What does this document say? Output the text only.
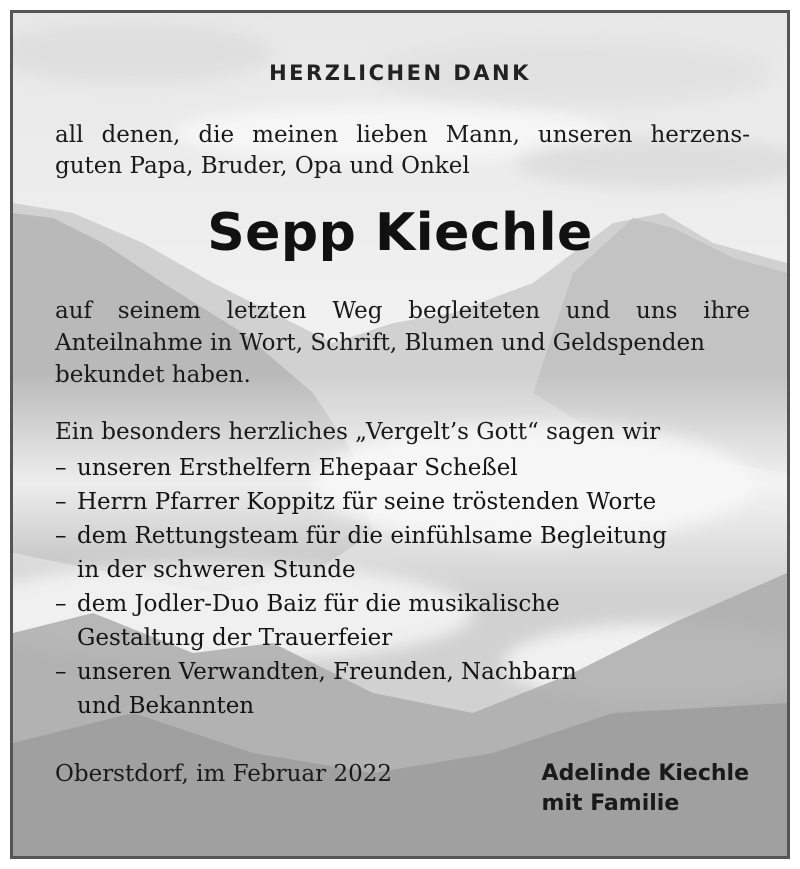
HERZLICHEN DANK
all denen, die meinen lieben Mann, unseren herzens-
guten Papa, Bruder, Opa und Onkel
Sepp Kiechle
auf seinem letzten Weg begleiteten und uns ihre
Anteilnahme in Wort, Schrift, Blumen und Geldspenden
bekundet haben.
Ein besonders herzliches „Vergelt’s Gott“ sagen wir
– unseren Ersthelfern Ehepaar Scheßel
– Herrn Pfarrer Koppitz für seine tröstenden Worte
– dem Rettungsteam für die einfühlsame Begleitung
in der schweren Stunde
– dem Jodler-Duo Baiz für die musikalische
Gestaltung der Trauerfeier
– unseren Verwandten, Freunden, Nachbarn
und Bekannten
Oberstdorf, im Februar 2022	Adelinde Kiechle
mit Familie
